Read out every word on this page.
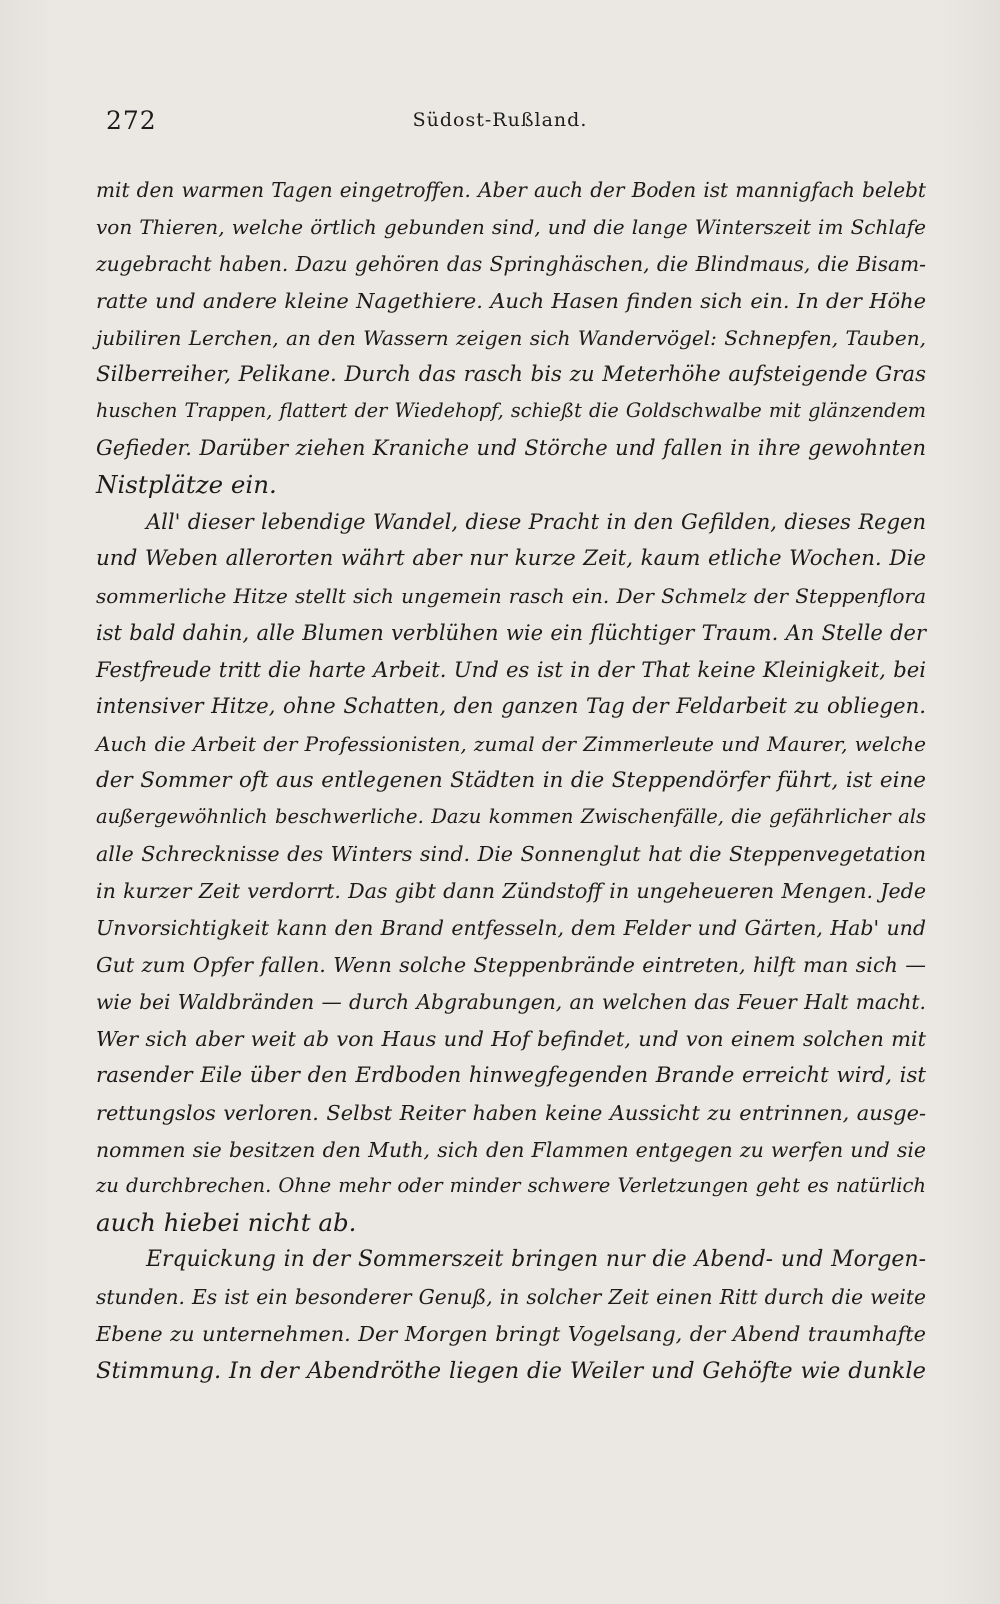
272	Südost-Rußland.
mit den warmen Tagen eingetroffen. Aber auch der Boden ist mannigfach belebt
von Thieren, welche örtlich gebunden sind, und die lange Winterszeit im Schlafe
zugebracht haben. Dazu gehören das Springhäschen, die Blindmaus, die Bisam-
ratte und andere kleine Nagethiere. Auch Hasen finden sich ein. In der Höhe
jubiliren Lerchen, an den Wassern zeigen sich Wandervögel: Schnepfen, Tauben,
Silberreiher, Pelikane. Durch das rasch bis zu Meterhöhe aufsteigende Gras
huschen Trappen, flattert der Wiedehopf, schießt die Goldschwalbe mit glänzendem
Gefieder. Darüber ziehen Kraniche und Störche und fallen in ihre gewohnten
Nistplätze ein.
All' dieser lebendige Wandel, diese Pracht in den Gefilden, dieses Regen
und Weben allerorten währt aber nur kurze Zeit, kaum etliche Wochen. Die
sommerliche Hitze stellt sich ungemein rasch ein. Der Schmelz der Steppenflora
ist bald dahin, alle Blumen verblühen wie ein flüchtiger Traum. An Stelle der
Festfreude tritt die harte Arbeit. Und es ist in der That keine Kleinigkeit, bei
intensiver Hitze, ohne Schatten, den ganzen Tag der Feldarbeit zu obliegen.
Auch die Arbeit der Professionisten, zumal der Zimmerleute und Maurer, welche
der Sommer oft aus entlegenen Städten in die Steppendörfer führt, ist eine
außergewöhnlich beschwerliche. Dazu kommen Zwischenfälle, die gefährlicher als
alle Schrecknisse des Winters sind. Die Sonnenglut hat die Steppenvegetation
in kurzer Zeit verdorrt. Das gibt dann Zündstoff in ungeheueren Mengen. Jede
Unvorsichtigkeit kann den Brand entfesseln, dem Felder und Gärten, Hab' und
Gut zum Opfer fallen. Wenn solche Steppenbrände eintreten, hilft man sich —
wie bei Waldbränden — durch Abgrabungen, an welchen das Feuer Halt macht.
Wer sich aber weit ab von Haus und Hof befindet, und von einem solchen mit
rasender Eile über den Erdboden hinwegfegenden Brande erreicht wird, ist
rettungslos verloren. Selbst Reiter haben keine Aussicht zu entrinnen, ausge-
nommen sie besitzen den Muth, sich den Flammen entgegen zu werfen und sie
zu durchbrechen. Ohne mehr oder minder schwere Verletzungen geht es natürlich
auch hiebei nicht ab.
Erquickung in der Sommerszeit bringen nur die Abend- und Morgen-
stunden. Es ist ein besonderer Genuß, in solcher Zeit einen Ritt durch die weite
Ebene zu unternehmen. Der Morgen bringt Vogelsang, der Abend traumhafte
Stimmung. In der Abendröthe liegen die Weiler und Gehöfte wie dunkle
